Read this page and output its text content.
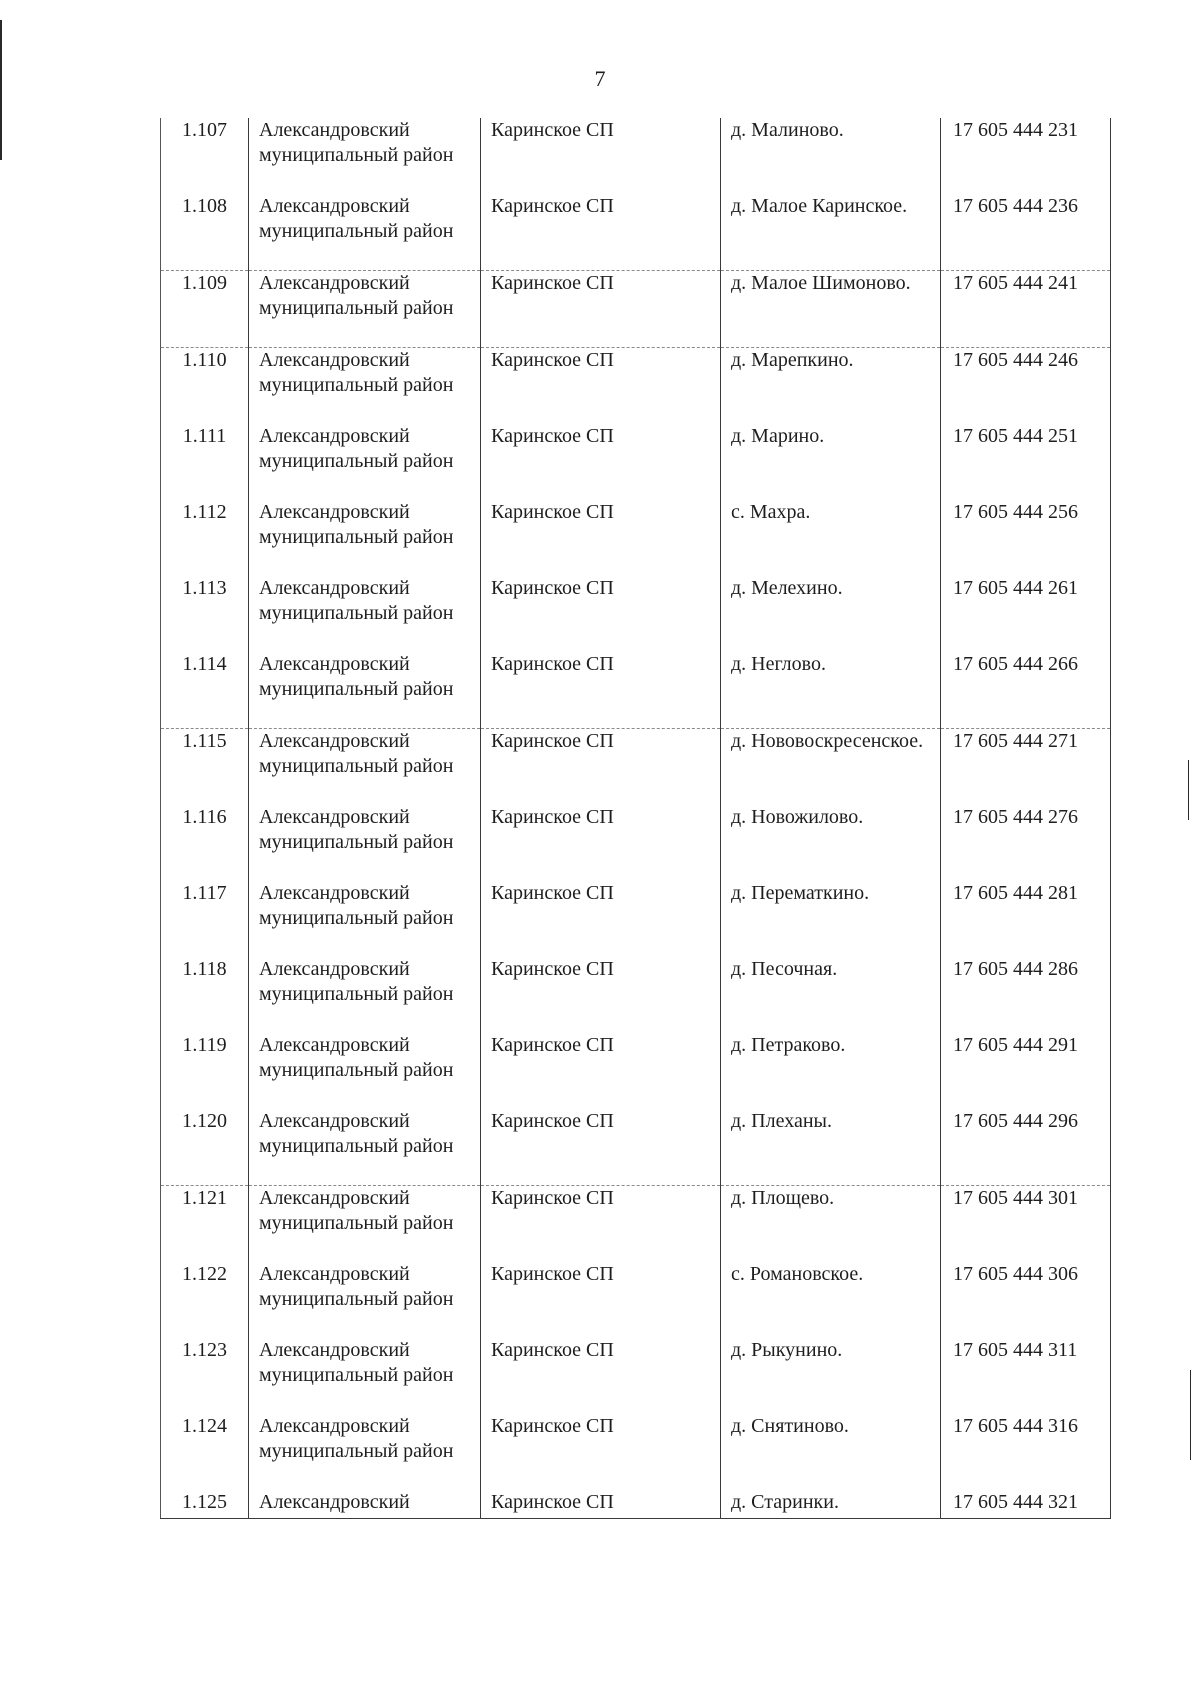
7
1.107	Александровский муниципальный район	Каринское СП	д. Малиново.	17 605 444 231
1.108	Александровский муниципальный район	Каринское СП	д. Малое Каринское.	17 605 444 236
1.109	Александровский муниципальный район	Каринское СП	д. Малое Шимоново.	17 605 444 241
1.110	Александровский муниципальный район	Каринское СП	д. Марепкино.	17 605 444 246
1.111	Александровский муниципальный район	Каринское СП	д. Марино.	17 605 444 251
1.112	Александровский муниципальный район	Каринское СП	с. Махра.	17 605 444 256
1.113	Александровский муниципальный район	Каринское СП	д. Мелехино.	17 605 444 261
1.114	Александровский муниципальный район	Каринское СП	д. Неглово.	17 605 444 266
1.115	Александровский муниципальный район	Каринское СП	д. Нововоскресенское.	17 605 444 271
1.116	Александровский муниципальный район	Каринское СП	д. Новожилово.	17 605 444 276
1.117	Александровский муниципальный район	Каринское СП	д. Перематкино.	17 605 444 281
1.118	Александровский муниципальный район	Каринское СП	д. Песочная.	17 605 444 286
1.119	Александровский муниципальный район	Каринское СП	д. Петраково.	17 605 444 291
1.120	Александровский муниципальный район	Каринское СП	д. Плеханы.	17 605 444 296
1.121	Александровский муниципальный район	Каринское СП	д. Площево.	17 605 444 301
1.122	Александровский муниципальный район	Каринское СП	с. Романовское.	17 605 444 306
1.123	Александровский муниципальный район	Каринское СП	д. Рыкунино.	17 605 444 311
1.124	Александровский муниципальный район	Каринское СП	д. Снятиново.	17 605 444 316
1.125	Александровский	Каринское СП	д. Старинки.	17 605 444 321
